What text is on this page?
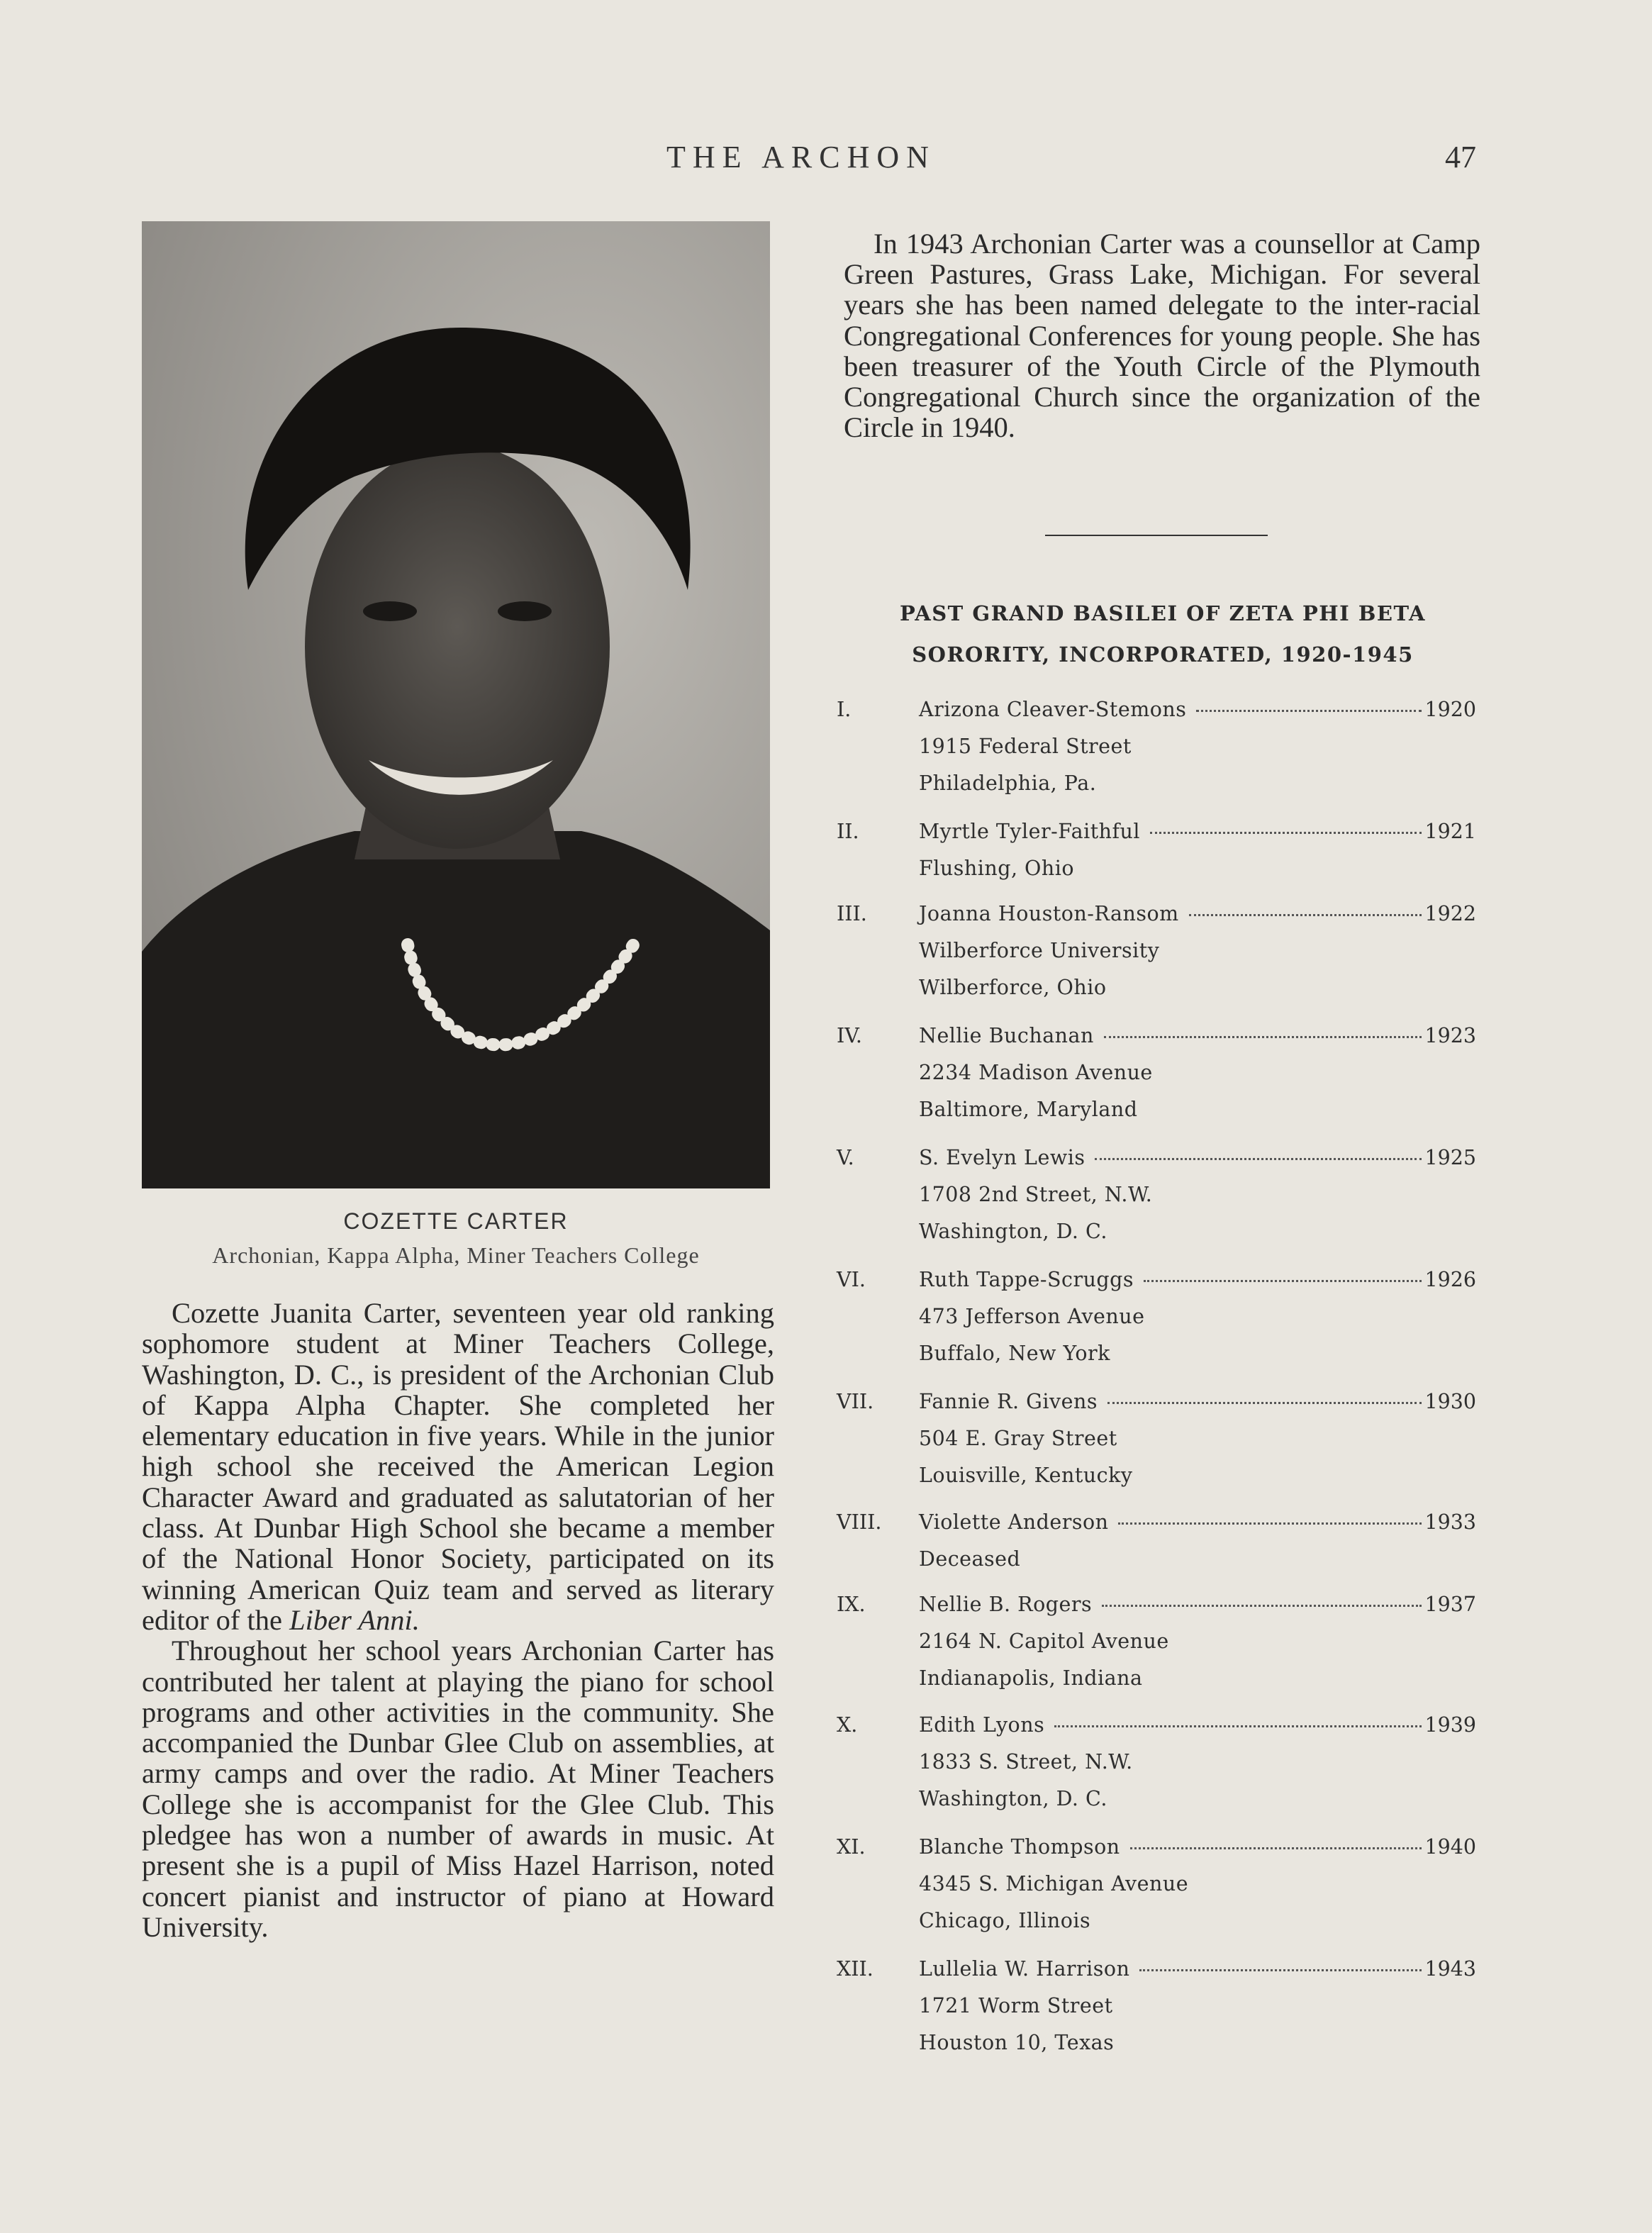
THE ARCHON	47
COZETTE CARTER
Archonian, Kappa Alpha, Miner Teachers College

Cozette Juanita Carter, seventeen year old ranking sophomore student at Miner Teachers College, Washington, D. C., is president of the Archonian Club of Kappa Alpha Chapter. She completed her elementary education in five years. While in the junior high school she received the American Legion Character Award and graduated as salutatorian of her class. At Dunbar High School she became a member of the National Honor Society, participated on its winning American Quiz team and served as literary editor of the Liber Anni.

Throughout her school years Archonian Carter has contributed her talent at playing the piano for school programs and other activities in the community. She accompanied the Dunbar Glee Club on assemblies, at army camps and over the radio. At Miner Teachers College she is accompanist for the Glee Club. This pledgee has won a number of awards in music. At present she is a pupil of Miss Hazel Harrison, noted concert pianist and instructor of piano at Howard University.

In 1943 Archonian Carter was a counsellor at Camp Green Pastures, Grass Lake, Michigan. For several years she has been named delegate to the inter-racial Congregational Conferences for young people. She has been treasurer of the Youth Circle of the Plymouth Congregational Church since the organization of the Circle in 1940.

PAST GRAND BASILEI OF ZETA PHI BETA
SORORITY, INCORPORATED, 1920-1945
I.	Arizona Cleaver-Stemons	1920
1915 Federal Street
Philadelphia, Pa.
II.	Myrtle Tyler-Faithful	1921
Flushing, Ohio
III.	Joanna Houston-Ransom	1922
Wilberforce University
Wilberforce, Ohio
IV.	Nellie Buchanan	1923
2234 Madison Avenue
Baltimore, Maryland
V.	S. Evelyn Lewis	1925
1708 2nd Street, N.W.
Washington, D. C.
VI.	Ruth Tappe-Scruggs	1926
473 Jefferson Avenue
Buffalo, New York
VII. Fannie R. Givens	1930
504 E. Gray Street
Louisville, Kentucky
VIII. Violette Anderson	1933
Deceased
IX.	Nellie B. Rogers	1937
2164 N. Capitol Avenue
Indianapolis, Indiana
X.	Edith Lyons	1939
1833 S. Street, N.W.
Washington, D. C.
XI.	Blanche Thompson	1940
4345 S. Michigan Avenue
Chicago, Illinois
XII. Lullelia W. Harrison	1943
1721 Worm Street
Houston 10, Texas
